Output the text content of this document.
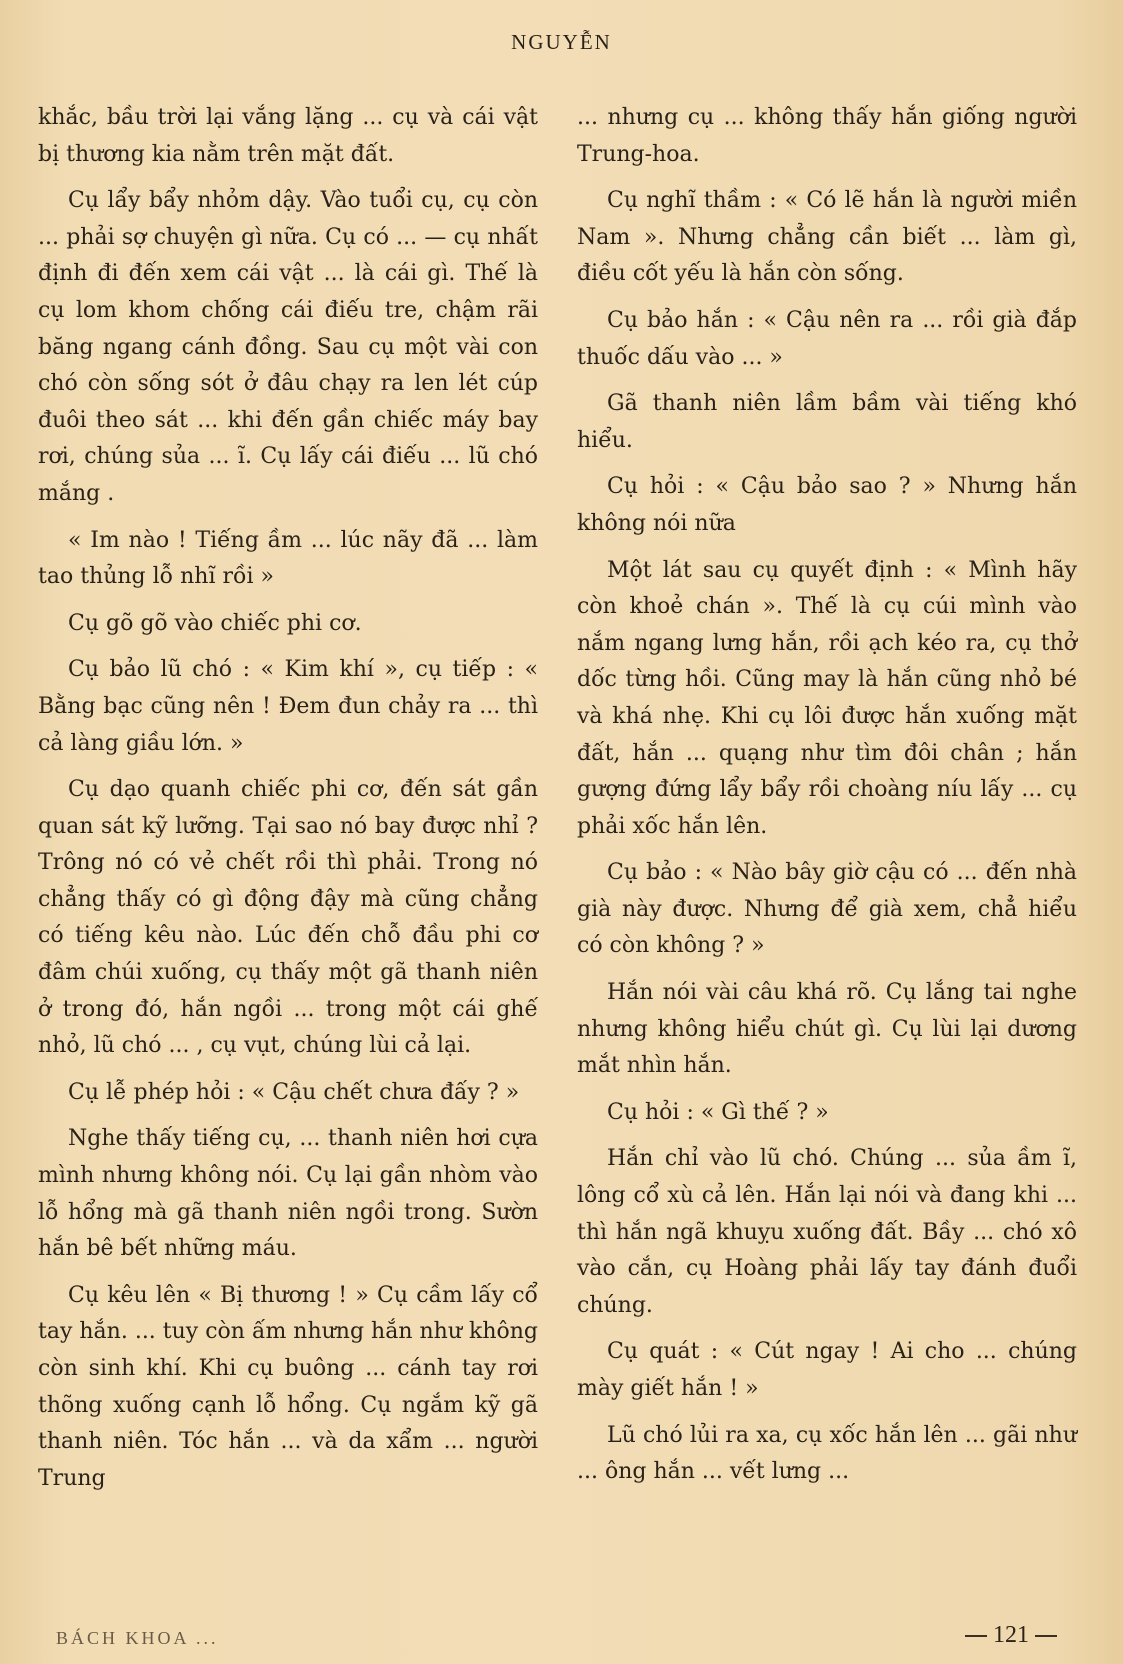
NGUYỄN

khắc, bầu trời lại vắng lặng ... cụ và cái vật bị thương kia nằm trên mặt đất.

Cụ lẩy bẩy nhỏm dậy. Vào tuổi cụ, cụ còn ... phải sợ chuyện gì nữa. Cụ có ... — cụ nhất định đi đến xem cái vật ... là cái gì. Thế là cụ lom khom chống cái điếu tre, chậm rãi băng ngang cánh đồng. Sau cụ một vài con chó còn sống sót ở đâu chạy ra len lét cúp đuôi theo sát ... khi đến gần chiếc máy bay rơi, chúng sủa ... ĩ. Cụ lấy cái điếu ... lũ chó mắng .

« Im nào ! Tiếng ầm ... lúc nãy đã ... làm tao thủng lỗ nhĩ rồi »

Cụ gõ gõ vào chiếc phi cơ.

Cụ bảo lũ chó : « Kim khí », cụ tiếp : « Bằng bạc cũng nên ! Đem đun chảy ra ... thì cả làng giầu lớn. »

Cụ dạo quanh chiếc phi cơ, đến sát gần quan sát kỹ lưỡng. Tại sao nó bay được nhỉ ? Trông nó có vẻ chết rồi thì phải. Trong nó chẳng thấy có gì động đậy mà cũng chẳng có tiếng kêu nào. Lúc đến chỗ đầu phi cơ đâm chúi xuống, cụ thấy một gã thanh niên ở trong đó, hắn ngồi ... trong một cái ghế nhỏ, lũ chó ... , cụ vụt, chúng lùi cả lại.

Cụ lễ phép hỏi : « Cậu chết chưa đấy ? »

Nghe thấy tiếng cụ, ... thanh niên hơi cựa mình nhưng không nói. Cụ lại gần nhòm vào lỗ hổng mà gã thanh niên ngồi trong. Sườn hắn bê bết những máu.

Cụ kêu lên « Bị thương ! » Cụ cầm lấy cổ tay hắn. ... tuy còn ấm nhưng hắn như không còn sinh khí. Khi cụ buông ... cánh tay rơi thõng xuống cạnh lỗ hổng. Cụ ngắm kỹ gã thanh niên. Tóc hắn ... và da xẩm ... người Trung

... nhưng cụ ... không thấy hắn giống người Trung-hoa.

Cụ nghĩ thầm : « Có lẽ hắn là người miền Nam ». Nhưng chẳng cần biết ... làm gì, điều cốt yếu là hắn còn sống.

Cụ bảo hắn : « Cậu nên ra ... rồi già đắp thuốc dấu vào ... »

Gã thanh niên lầm bầm vài tiếng khó hiểu.

Cụ hỏi : « Cậu bảo sao ? » Nhưng hắn không nói nữa

Một lát sau cụ quyết định : « Mình hãy còn khoẻ chán ». Thế là cụ cúi mình vào nắm ngang lưng hắn, rồi ạch kéo ra, cụ thở dốc từng hồi. Cũng may là hắn cũng nhỏ bé và khá nhẹ. Khi cụ lôi được hắn xuống mặt đất, hắn ... quạng như tìm đôi chân ; hắn gượng đứng lẩy bẩy rồi choàng níu lấy ... cụ phải xốc hắn lên.

Cụ bảo : « Nào bây giờ cậu có ... đến nhà già này được. Nhưng để già xem, chẳ hiểu có còn không ? »

Hắn nói vài câu khá rõ. Cụ lắng tai nghe nhưng không hiểu chút gì. Cụ lùi lại dương mắt nhìn hắn.

Cụ hỏi : « Gì thế ? »

Hắn chỉ vào lũ chó. Chúng ... sủa ầm ĩ, lông cổ xù cả lên. Hắn lại nói và đang khi ... thì hắn ngã khuỵu xuống đất. Bầy ... chó xô vào cắn, cụ Hoàng phải lấy tay đánh đuổi chúng.

Cụ quát : « Cút ngay ! Ai cho ... chúng mày giết hắn ! »

Lũ chó lủi ra xa, cụ xốc hắn lên ... gãi như ... ông hắn ... vết lưng ...

BÁCH KHOA ...	121
